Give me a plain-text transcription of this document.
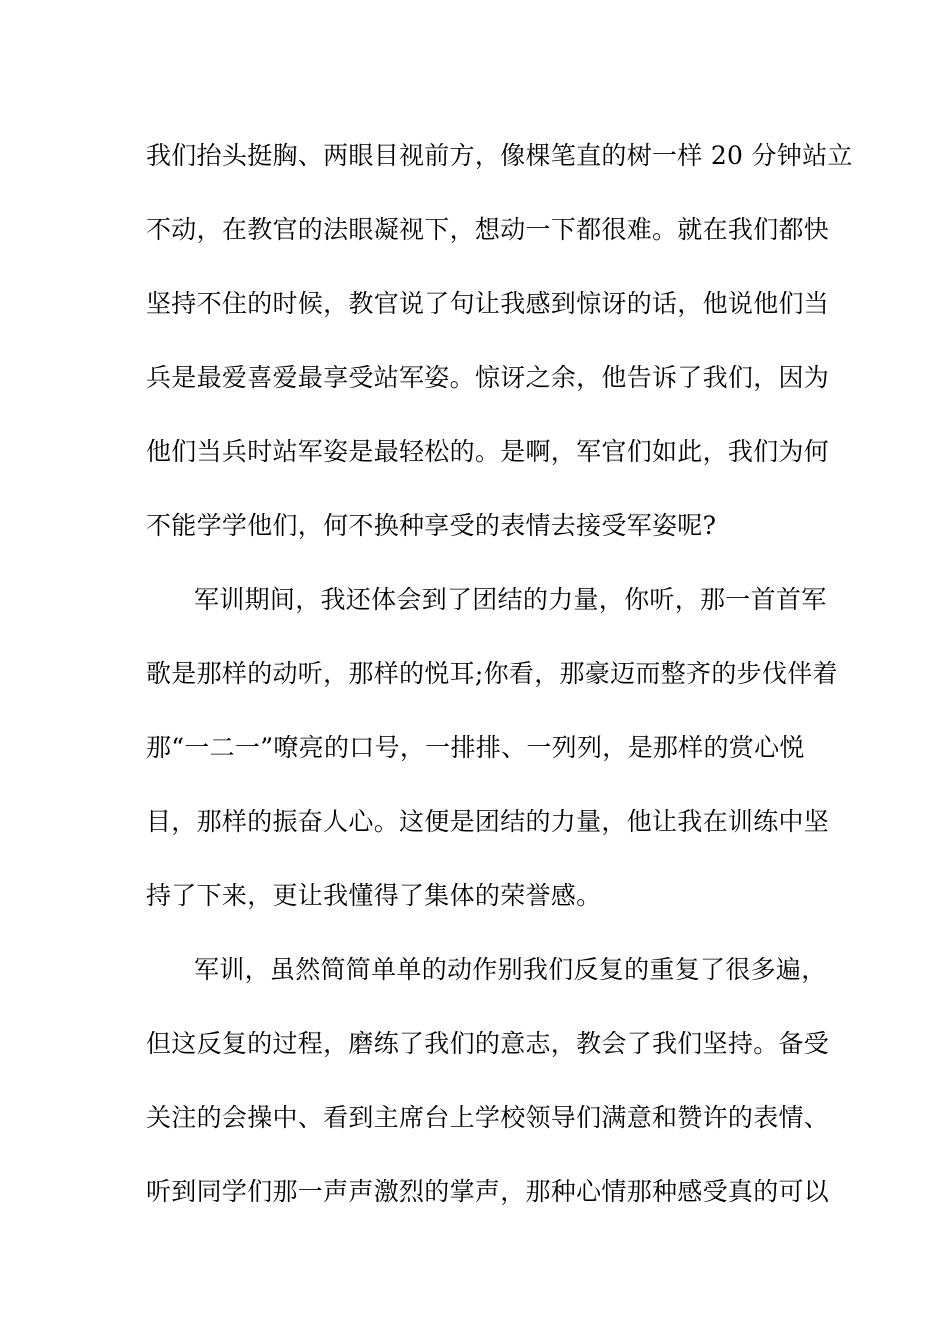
我们抬头挺胸、两眼目视前方，像棵笔直的树一样 20 分钟站立
不动，在教官的法眼凝视下，想动一下都很难。就在我们都快
坚持不住的时候，教官说了句让我感到惊讶的话，他说他们当
兵是最爱喜爱最享受站军姿。惊讶之余，他告诉了我们，因为
他们当兵时站军姿是最轻松的。是啊，军官们如此，我们为何
不能学学他们，何不换种享受的表情去接受军姿呢?
军训期间，我还体会到了团结的力量，你听，那一首首军
歌是那样的动听，那样的悦耳;你看，那豪迈而整齐的步伐伴着
那“一二一”嘹亮的口号，一排排、一列列，是那样的赏心悦
目，那样的振奋人心。这便是团结的力量，他让我在训练中坚
持了下来，更让我懂得了集体的荣誉感。
军训，虽然简简单单的动作别我们反复的重复了很多遍，
但这反复的过程，磨练了我们的意志，教会了我们坚持。备受
关注的会操中、看到主席台上学校领导们满意和赞许的表情、
听到同学们那一声声激烈的掌声，那种心情那种感受真的可以
